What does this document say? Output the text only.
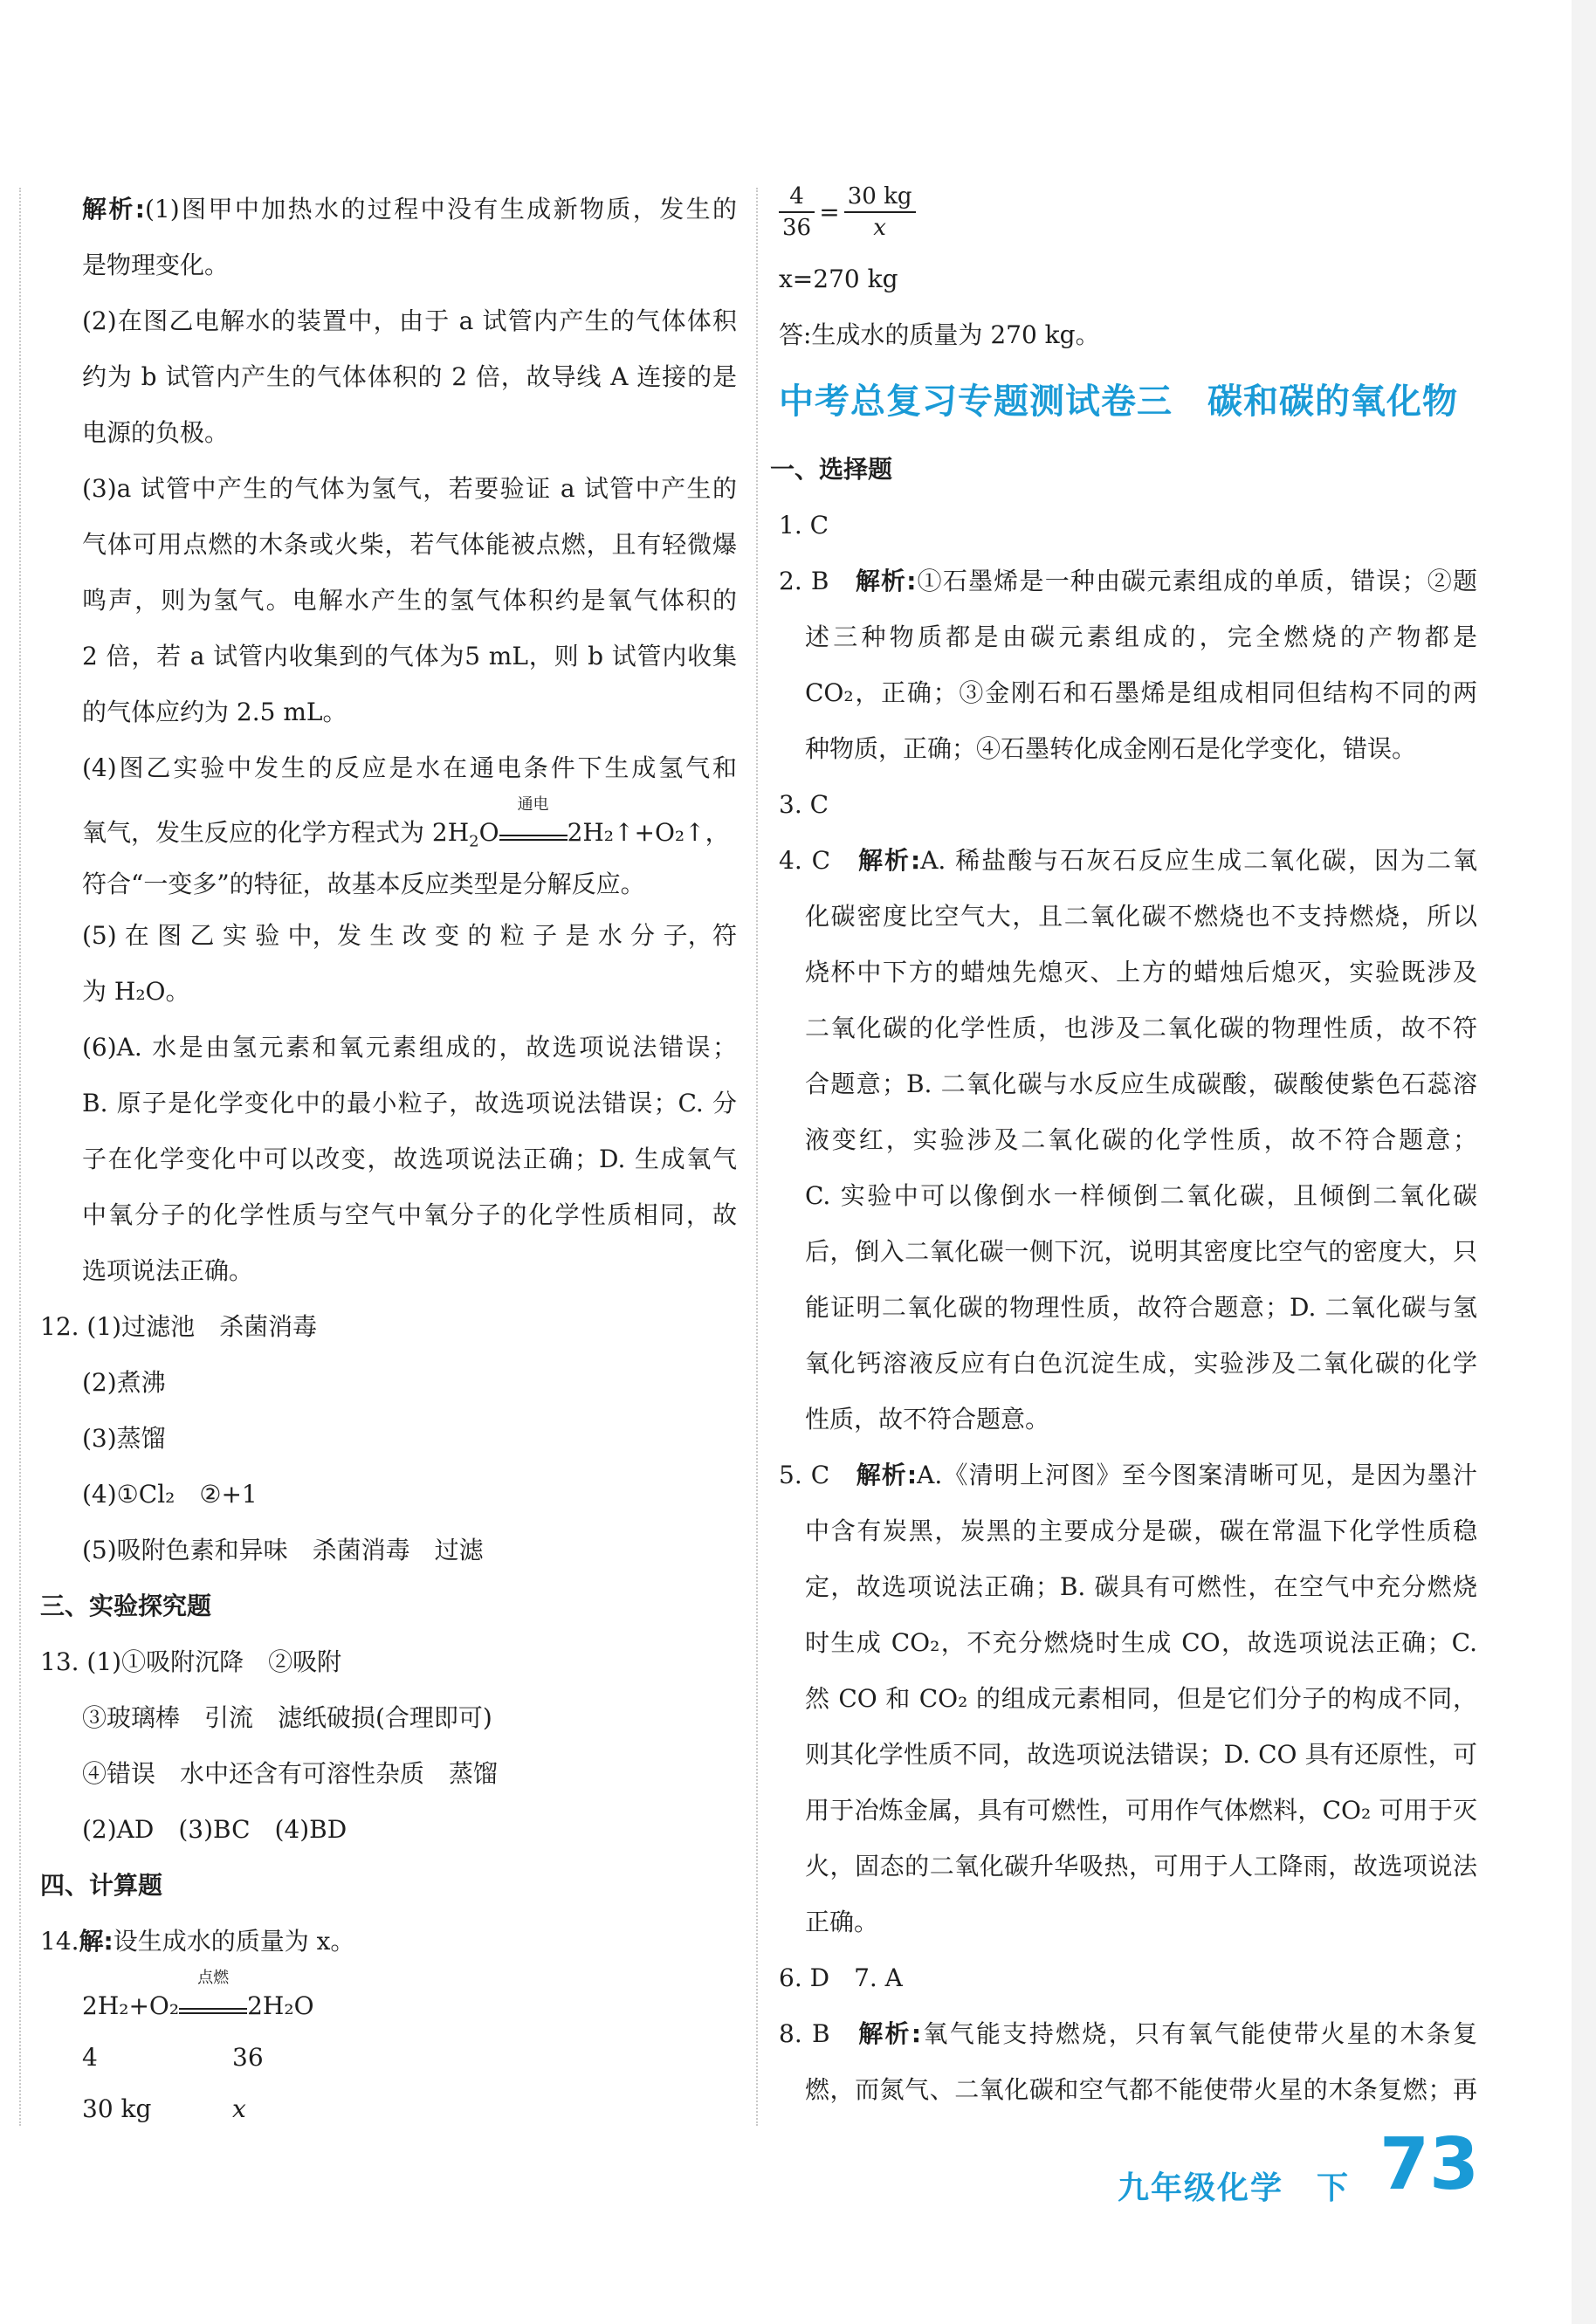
解析:(1)图甲中加热水的过程中没有生成新物质，发生的
是物理变化。
(2)在图乙电解水的装置中，由于 a 试管内产生的气体体积
约为 b 试管内产生的气体体积的 2 倍，故导线 A 连接的是
电源的负极。
(3)a 试管中产生的气体为氢气，若要验证 a 试管中产生的
气体可用点燃的木条或火柴，若气体能被点燃，且有轻微爆
鸣声，则为氢气。电解水产生的氢气体积约是氧气体积的
2 倍，若 a 试管内收集到的气体为5 mL，则 b 试管内收集
的气体应约为 2.5 mL。
(4)图乙实验中发生的反应是水在通电条件下生成氢气和
氧气，发生反应的化学方程式为 $2H_2O$
通电
2H₂↑+O₂↑，
符合“一变多”的特征，故基本反应类型是分解反应。
(5) 在 图 乙 实 验 中，发 生 改 变 的 粒 子 是 水 分 子，符
为 H₂O。
(6)A. 水是由氢元素和氧元素组成的，故选项说法错误；
B. 原子是化学变化中的最小粒子，故选项说法错误；C. 分
子在化学变化中可以改变，故选项说法正确；D. 生成氧气
中氧分子的化学性质与空气中氧分子的化学性质相同，故
选项说法正确。
12. (1)过滤池　杀菌消毒
(2)煮沸
(3)蒸馏
(4)①Cl₂　②+1
(5)吸附色素和异味　杀菌消毒　过滤
三、实验探究题
13. (1)①吸附沉降　②吸附
③玻璃棒　引流　滤纸破损(合理即可)
④错误　水中还含有可溶性杂质　蒸馏
(2)AD　(3)BC　(4)BD
四、计算题
14.解:设生成水的质量为 x。
2H₂+O₂
点燃
2H₂O
4	36
30 kg	x
$\frac{4}{36} = \frac{30 kg}{x}$
x=270 kg
答:生成水的质量为 270 kg。
中考总复习专题测试卷三 碳和碳的氧化物
一、选择题
1. C
2. B　 解析:①石墨烯是一种由碳元素组成的单质，错误；②题
述三种物质都是由碳元素组成的，完全燃烧的产物都是
CO₂，正确；③金刚石和石墨烯是组成相同但结构不同的两
种物质，正确；④石墨转化成金刚石是化学变化，错误。
3. C
4. C　 解析:A. 稀盐酸与石灰石反应生成二氧化碳，因为二氧
化碳密度比空气大，且二氧化碳不燃烧也不支持燃烧，所以
烧杯中下方的蜡烛先熄灭、上方的蜡烛后熄灭，实验既涉及
二氧化碳的化学性质，也涉及二氧化碳的物理性质，故不符
合题意；B. 二氧化碳与水反应生成碳酸，碳酸使紫色石蕊溶
液变红，实验涉及二氧化碳的化学性质，故不符合题意；
C. 实验中可以像倒水一样倾倒二氧化碳，且倾倒二氧化碳
后，倒入二氧化碳一侧下沉，说明其密度比空气的密度大，只
能证明二氧化碳的物理性质，故符合题意；D. 二氧化碳与氢
氧化钙溶液反应有白色沉淀生成，实验涉及二氧化碳的化学
性质，故不符合题意。
5. C　 解析:A.《清明上河图》至今图案清晰可见，是因为墨汁
中含有炭黑，炭黑的主要成分是碳，碳在常温下化学性质稳
定，故选项说法正确；B. 碳具有可燃性，在空气中充分燃烧
时生成 CO₂，不充分燃烧时生成 CO，故选项说法正确；C.
然 CO 和 CO₂ 的组成元素相同，但是它们分子的构成不同，
则其化学性质不同，故选项说法错误；D. CO 具有还原性，可
用于冶炼金属，具有可燃性，可用作气体燃料，CO₂ 可用于灭
火，固态的二氧化碳升华吸热，可用于人工降雨，故选项说法
正确。
6. D　7. A
8. B　 解析:氧气能支持燃烧，只有氧气能使带火星的木条复
燃，而氮气、二氧化碳和空气都不能使带火星的木条复燃；再
九年级化学　下 73
